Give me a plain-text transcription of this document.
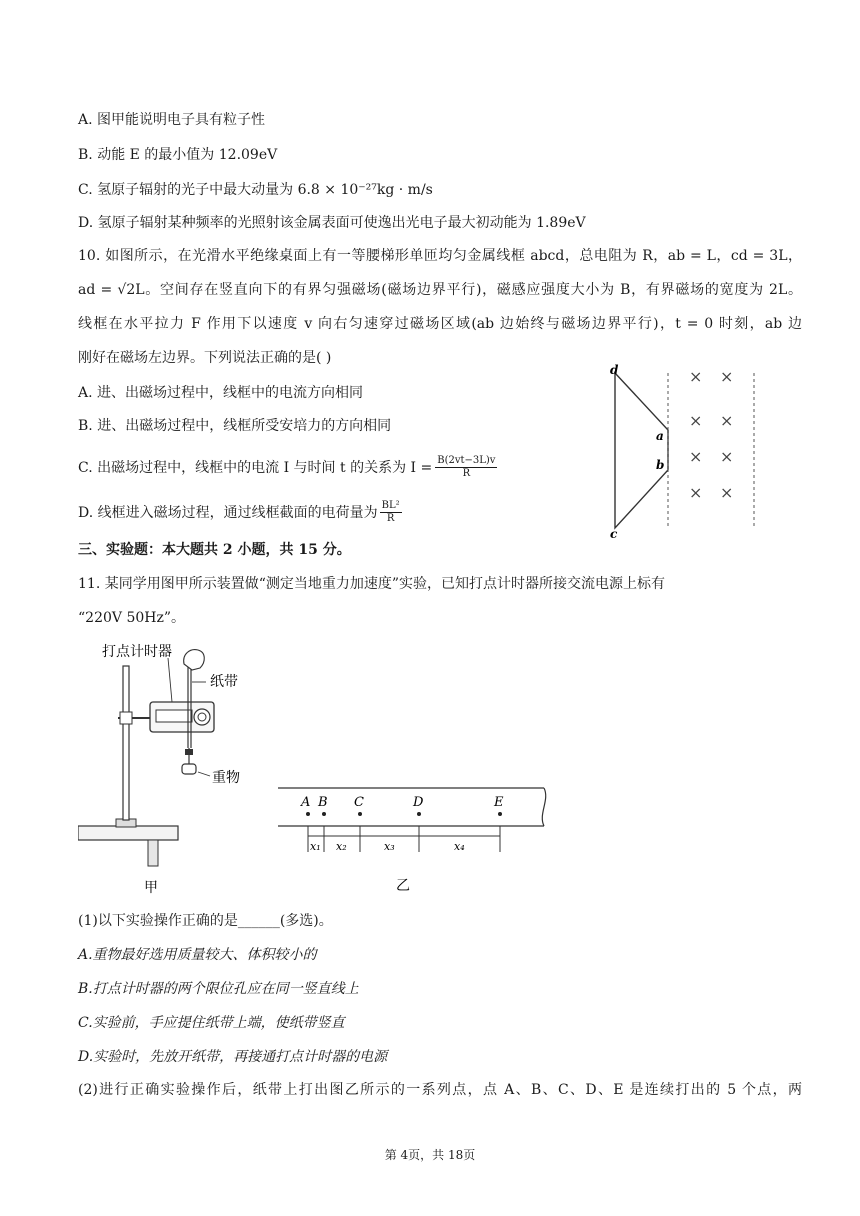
A. 图甲能说明电子具有粒子性
B. 动能 E 的最小值为 12.09eV
C. 氢原子辐射的光子中最大动量为 6.8 × 10⁻²⁷kg · m/s
D. 氢原子辐射某种频率的光照射该金属表面可使逸出光电子最大初动能为 1.89eV
10. 如图所示，在光滑水平绝缘桌面上有一等腰梯形单匝均匀金属线框 abcd，总电阻为 R，ab = L，cd = 3L，
ad = √2L。空间存在竖直向下的有界匀强磁场(磁场边界平行)，磁感应强度大小为 B，有界磁场的宽度为 2L。
线框在水平拉力 F 作用下以速度 v 向右匀速穿过磁场区域(ab 边始终与磁场边界平行)，t = 0 时刻，ab 边
刚好在磁场左边界。下列说法正确的是( )
A. 进、出磁场过程中，线框中的电流方向相同
B. 进、出磁场过程中，线框所受安培力的方向相同
C. 出磁场过程中，线框中的电流 I 与时间 t 的关系为 $I = \frac{B(2vt-3L)v}{R}$
D. 线框进入磁场过程，通过线框截面的电荷量为 $\frac{\text{BL²}}{R}$
d
a
b
c
× ×
× ×
× ×
× ×
三、实验题：本大题共 2 小题，共 15 分。
11. 某同学用图甲所示装置做“测定当地重力加速度”实验，已知打点计时器所接交流电源上标有
“220V 50Hz”。
打点计时器
纸带
重物
甲
A B C	D	E
x₁ x₂	x₃	x₄
乙
(1)以下实验操作正确的是______(多选)。
A.重物最好选用质量较大、体积较小的
B.打点计时器的两个限位孔应在同一竖直线上
C.实验前，手应提住纸带上端，使纸带竖直
D.实验时，先放开纸带，再接通打点计时器的电源
(2)进行正确实验操作后，纸带上打出图乙所示的一系列点，点 A、B、C、D、E 是连续打出的 5 个点，两
第 4页，共 18页
